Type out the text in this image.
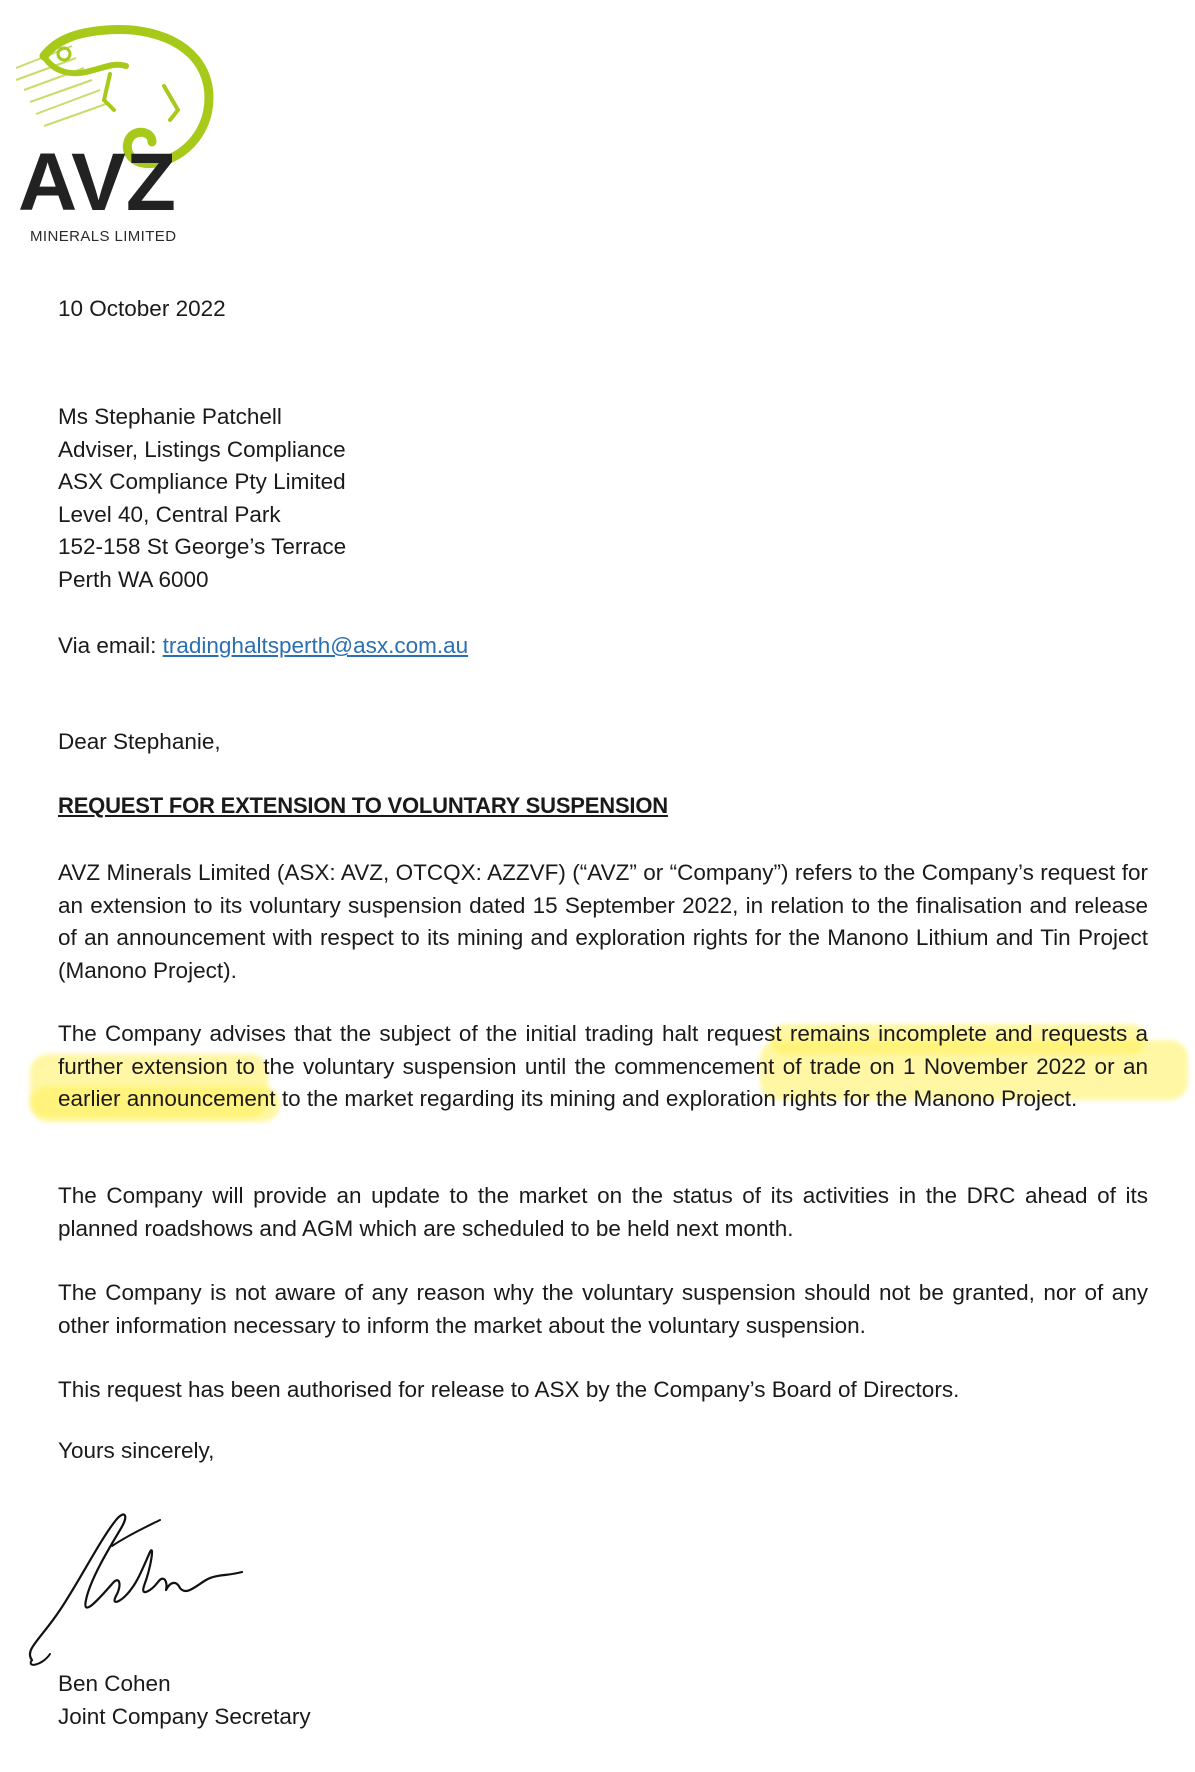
AVZ
MINERALS LIMITED
10 October 2022
Ms Stephanie Patchell
Adviser, Listings Compliance
ASX Compliance Pty Limited
Level 40, Central Park
152-158 St George’s Terrace
Perth WA 6000
Via email: tradinghaltsperth@asx.com.au
Dear Stephanie,
REQUEST FOR EXTENSION TO VOLUNTARY SUSPENSION
AVZ Minerals Limited (ASX: AVZ, OTCQX: AZZVF) (“AVZ” or “Company”) refers to the Company’s request for an extension to its voluntary suspension dated 15 September 2022, in relation to the finalisation and release of an announcement with respect to its mining and exploration rights for the Manono Lithium and Tin Project (Manono Project).
The Company advises that the subject of the initial trading halt request remains incomplete and requests a further extension to the voluntary suspension until the commencement of trade on 1 November 2022 or an earlier announcement to the market regarding its mining and exploration rights for the Manono Project.
The Company will provide an update to the market on the status of its activities in the DRC ahead of its planned roadshows and AGM which are scheduled to be held next month.
The Company is not aware of any reason why the voluntary suspension should not be granted, nor of any other information necessary to inform the market about the voluntary suspension.
This request has been authorised for release to ASX by the Company’s Board of Directors.
Yours sincerely,
Ben Cohen
Joint Company Secretary
